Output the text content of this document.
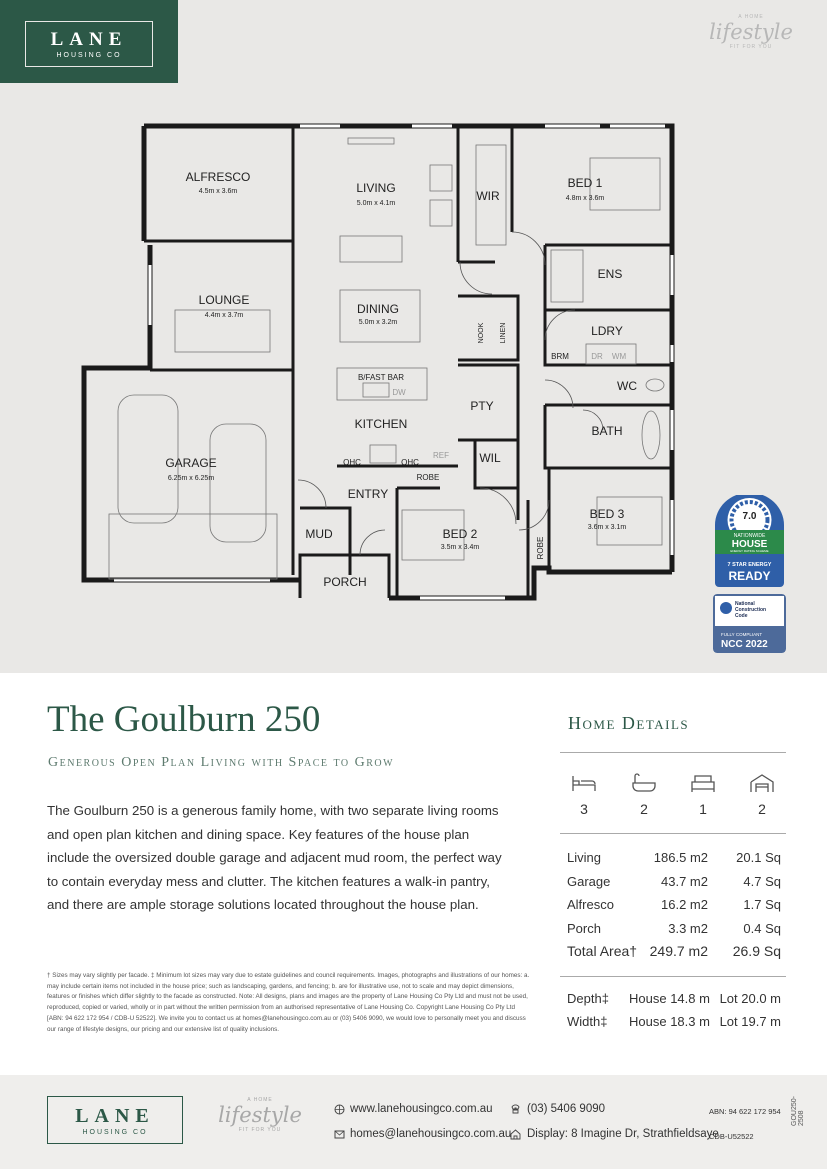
LANE
HOUSING CO
A HOME
lifestyle
FIT FOR YOU
ALFRESCO
4.5m x 3.6m	LIVING
5.0m x 4.1m
WIR
BED 1
4.8m x 3.6m
ENS
LOUNGE
4.4m x 3.7m	DINING
5.0m x 3.2m
NOOK LINEN	LDRY
BRM	DR WM
B/FAST BAR
DW
PTY
WC
KITCHEN	BATH
GARAGE
6.25m x 6.25m
OHC	OHC
REF	WIL
ENTRY
ROBE
BED 3
3.6m x 3.1m
MUD	BED 2
3.5m x 3.4m	ROBE
PORCH
7.0
NATIONWIDE
HOUSE
ENERGY RATING SCHEME
7 STAR ENERGY
READY
National
Construction
Code
FULLY COMPLIANT
NCC 2022
The Goulburn 250
Generous Open Plan Living with Space to Grow
The Goulburn 250 is a generous family home, with two separate living rooms and open plan kitchen and dining space. Key features of the house plan include the oversized double garage and adjacent mud room, the perfect way to contain everyday mess and clutter. The kitchen features a walk-in pantry, and there are ample storage solutions located throughout the house plan.
† Sizes may vary slightly per facade. ‡ Minimum lot sizes may vary due to estate guidelines and council requirements. Images, photographs and illustrations of our homes: a. may include certain items not included in the house price; such as landscaping, gardens, and fencing; b. are for illustrative use, not to scale and may depict dimensions, features or finishes which differ slightly to the facade as constructed. Note: All designs, plans and images are the property of Lane Housing Co Pty Ltd and must not be used, reproduced, copied or varied, wholly or in part without the written permission from an authorised representative of Lane Housing Co. Copyright Lane Housing Co Pty Ltd [ABN: 94 622 172 954 / CDB-U 52522]. We invite you to contact us at homes@lanehousingco.com.au or (03) 5406 9090, we would love to personally meet you and discuss our range of lifestyle designs, our pricing and our extensive list of quality inclusions.
Home Details
3	2	1	2
Living	186.5 m2 20.1 Sq
Garage	43.7 m2	4.7 Sq
Alfresco	16.2 m2	1.7 Sq
Porch	3.3 m2	0.4 Sq
Total Area† 249.7 m2 26.9 Sq
Depth‡ House 14.8 m Lot 20.0 m
Width‡ House 18.3 m Lot 19.7 m
LANE
HOUSING CO
A HOME
lifestyle
FIT FOR YOU
www.lanehousingco.com.au
homes@lanehousingco.com.au
(03) 5406 9090
Display: 8 Imagine Dr, Strathfieldsaye
ABN: 94 622 172 954
CDB-U52522
GOU250-2508
